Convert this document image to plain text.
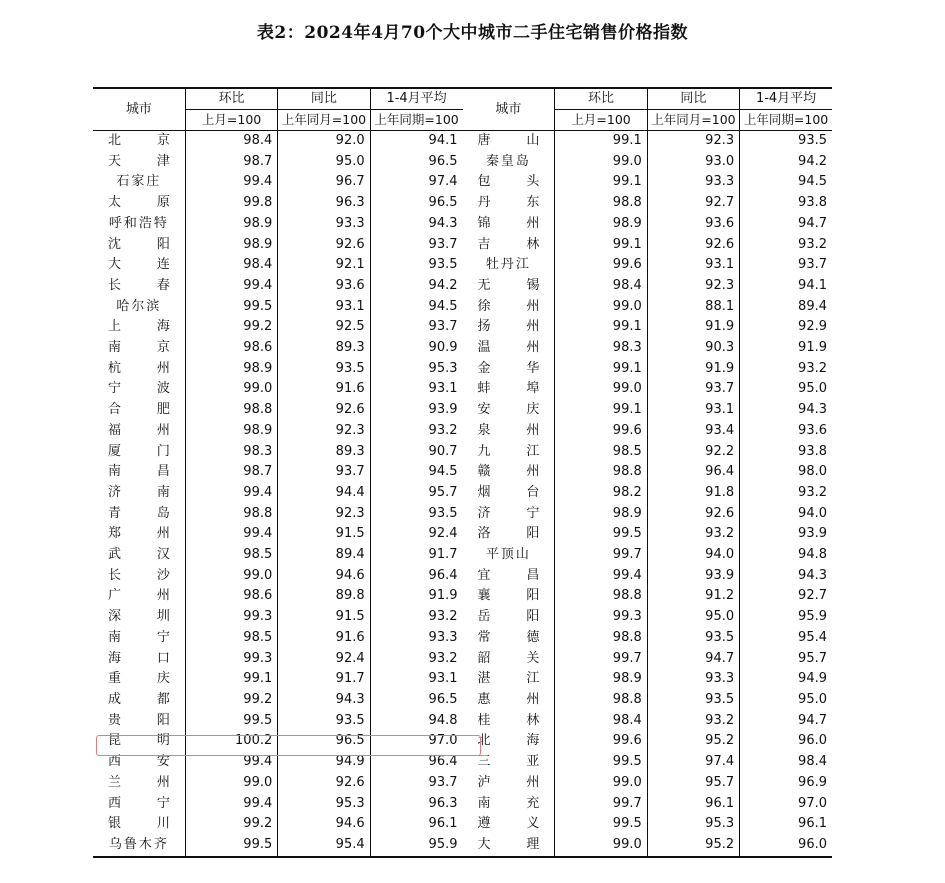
表2：2024年4月70个大中城市二手住宅销售价格指数
城市	环比	同比	1-4月平均	城市	环比	同比	1-4月平均
	上月=100	上年同月=100	上年同期=100		上月=100	上年同月=100	上年同期=100
北京	98.4	92.0	94.1	唐山	99.1	92.3	93.5
天津	98.7	95.0	96.5	秦皇岛	99.0	93.0	94.2
石家庄	99.4	96.7	97.4	包头	99.1	93.3	94.5
太原	99.8	96.3	96.5	丹东	98.8	92.7	93.8
呼和浩特	98.9	93.3	94.3	锦州	98.9	93.6	94.7
沈阳	98.9	92.6	93.7	吉林	99.1	92.6	93.2
大连	98.4	92.1	93.5	牡丹江	99.6	93.1	93.7
长春	99.4	93.6	94.2	无锡	98.4	92.3	94.1
哈尔滨	99.5	93.1	94.5	徐州	99.0	88.1	89.4
上海	99.2	92.5	93.7	扬州	99.1	91.9	92.9
南京	98.6	89.3	90.9	温州	98.3	90.3	91.9
杭州	98.9	93.5	95.3	金华	99.1	91.9	93.2
宁波	99.0	91.6	93.1	蚌埠	99.0	93.7	95.0
合肥	98.8	92.6	93.9	安庆	99.1	93.1	94.3
福州	98.9	92.3	93.2	泉州	99.6	93.4	93.6
厦门	98.3	89.3	90.7	九江	98.5	92.2	93.8
南昌	98.7	93.7	94.5	赣州	98.8	96.4	98.0
济南	99.4	94.4	95.7	烟台	98.2	91.8	93.2
青岛	98.8	92.3	93.5	济宁	98.9	92.6	94.0
郑州	99.4	91.5	92.4	洛阳	99.5	93.2	93.9
武汉	98.5	89.4	91.7	平顶山	99.7	94.0	94.8
长沙	99.0	94.6	96.4	宜昌	99.4	93.9	94.3
广州	98.6	89.8	91.9	襄阳	98.8	91.2	92.7
深圳	99.3	91.5	93.2	岳阳	99.3	95.0	95.9
南宁	98.5	91.6	93.3	常德	98.8	93.5	95.4
海口	99.3	92.4	93.2	韶关	99.7	94.7	95.7
重庆	99.1	91.7	93.1	湛江	98.9	93.3	94.9
成都	99.2	94.3	96.5	惠州	98.8	93.5	95.0
贵阳	99.5	93.5	94.8	桂林	98.4	93.2	94.7
昆明	100.2	96.5	97.0	北海	99.6	95.2	96.0
西安	99.4	94.9	96.4	三亚	99.5	97.4	98.4
兰州	99.0	92.6	93.7	泸州	99.0	95.7	96.9
西宁	99.4	95.3	96.3	南充	99.7	96.1	97.0
银川	99.2	94.6	96.1	遵义	99.5	95.3	96.1
乌鲁木齐	99.5	95.4	95.9	大理	99.0	95.2	96.0
